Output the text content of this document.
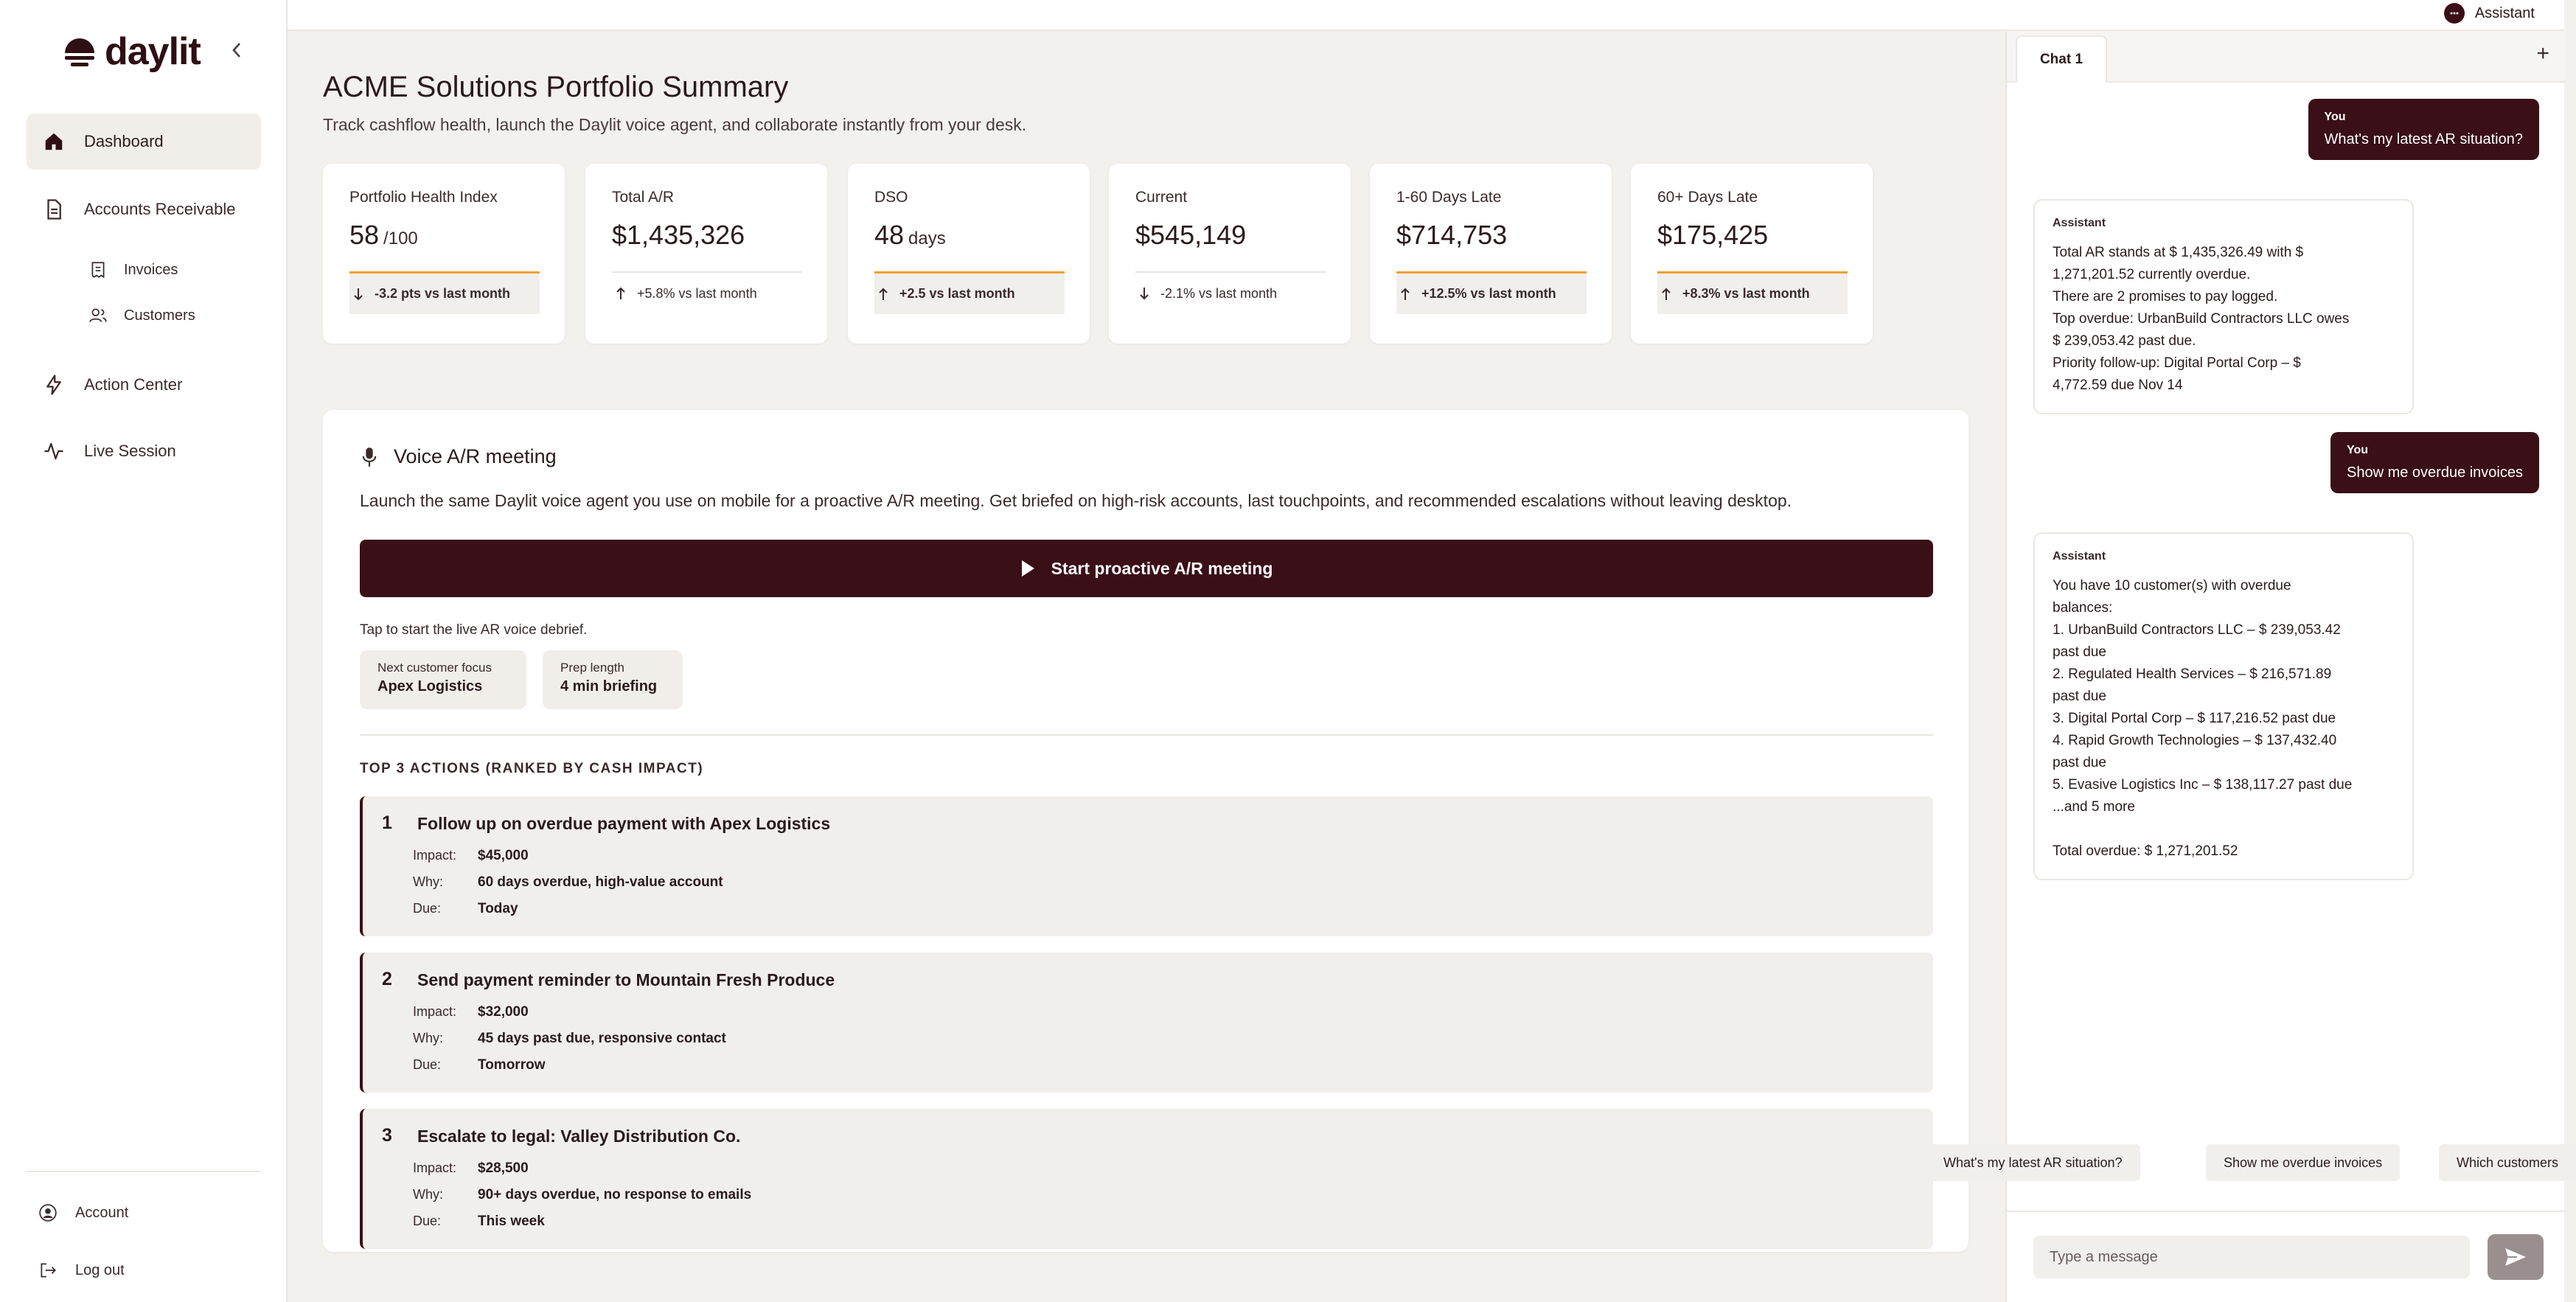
daylit
Dashboard
Accounts Receivable
Invoices
Customers
Action Center
Live Session
Account
Log out
Assistant
ACME Solutions Portfolio Summary

Track cashflow health, launch the Daylit voice agent, and collaborate instantly from your desk.

Portfolio Health Index
58 /100
-3.2 pts vs last month
Total A/R
$1,435,326
+5.8% vs last month
DSO
48 days
+2.5 vs last month
Current
$545,149
-2.1% vs last month
1-60 Days Late
$714,753
+12.5% vs last month
60+ Days Late
$175,425
+8.3% vs last month
Voice A/R meeting

Launch the same Daylit voice agent you use on mobile for a proactive A/R meeting. Get briefed on high-risk accounts, last touchpoints, and recommended escalations without leaving desktop.

Start proactive A/R meeting

Tap to start the live AR voice debrief.

Next customer focus
Apex Logistics
Prep length
4 min briefing
TOP 3 ACTIONS (RANKED BY CASH IMPACT)
1 Follow up on overdue payment with Apex Logistics
Impact:	$45,000
Why:	60 days overdue, high-value account
Due:	Today
2 Send payment reminder to Mountain Fresh Produce
Impact:	$32,000
Why:	45 days past due, responsive contact
Due:	Tomorrow
3 Escalate to legal: Valley Distribution Co.
Impact:	$28,500
Why:	90+ days overdue, no response to emails
Due:	This week
Chat 1	+
You
What's my latest AR situation?
Assistant
Total AR stands at $ 1,435,326.49 with $
1,271,201.52 currently overdue.
There are 2 promises to pay logged.
Top overdue: UrbanBuild Contractors LLC owes
$ 239,053.42 past due.
Priority follow-up: Digital Portal Corp – $
4,772.59 due Nov 14
You
Show me overdue invoices
Assistant
You have 10 customer(s) with overdue
balances:
1. UrbanBuild Contractors LLC – $ 239,053.42
past due
2. Regulated Health Services – $ 216,571.89
past due
3. Digital Portal Corp – $ 117,216.52 past due
4. Rapid Growth Technologies – $ 137,432.40
past due
5. Evasive Logistics Inc – $ 138,117.27 past due
...and 5 more
Total overdue: $ 1,271,201.52
What's my latest AR situation?	Show me overdue invoices	Which customers
Type a message
